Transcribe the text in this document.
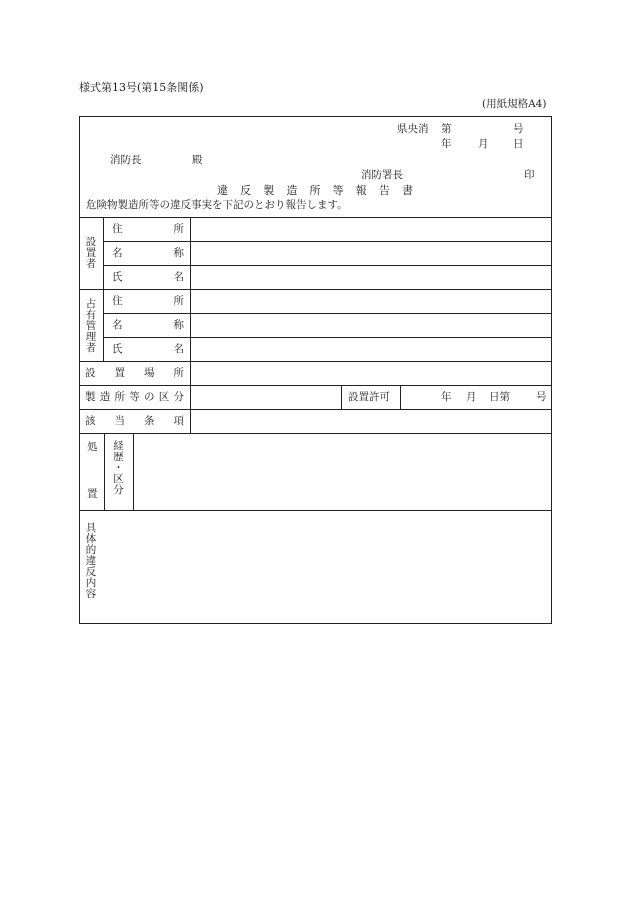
様式第13号(第15条関係)
(用紙規格A4)
県央消 第	号
年	月 日
消防長	殿
消防署長	印
違 反 製 造 所 等 報 告 書
危険物製造所等の違反事実を下記のとおり報告します。
設
置
者
住	所
名	称
氏	名
占
有
管
理
者
住	所
名	称
氏	名
設 置 場 所
製 造 所 等 の 区 分	設置許可	年 月 日第 号
該 当 条 項
処
置
経
歴
・
区
分
具
体
的
違
反
内
容
